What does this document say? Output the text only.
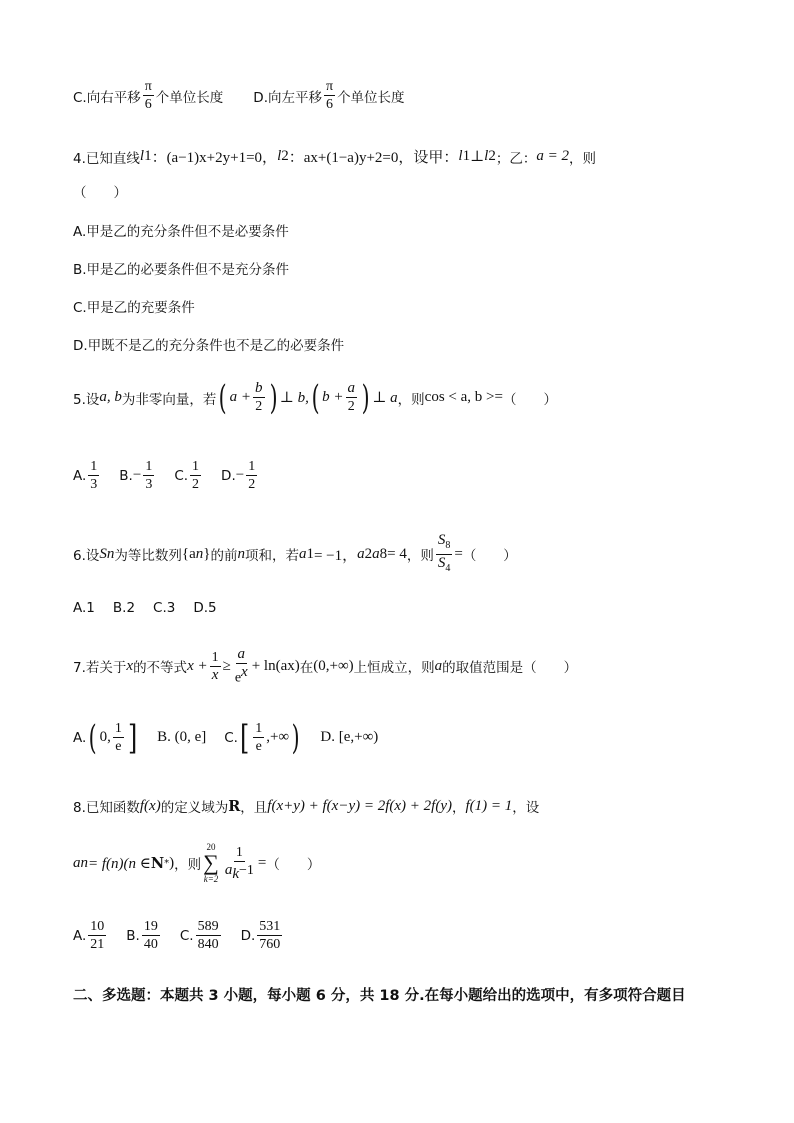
C.向右平移 $\frac{\pi}{6}$ 个单位长度 D.向左平移 $\frac{\pi}{6}$ 个单位长度
4.已知直线 l 1 ：(a−1)x+2y+1=0， l 2 ：ax+(1−a)y+2=0，设甲： l 1 ⊥ l 2 ；乙： a = 2 ，则
（　　）
A.甲是乙的充分条件但不是必要条件
B.甲是乙的必要条件但不是充分条件
C.甲是乙的充要条件
D.甲既不是乙的充分条件也不是乙的必要条件
5.设 a, b 为非零向量，若 ( $a + \frac{b}{2}$ ) ⊥ b, ( $b + \frac{a}{2}$ ) ⊥ a ，则 cos < a, b >= （　　）
A. $\frac{1}{3} B$. − $\frac{1}{3} C$. $\frac{1}{2} D$. − $\frac{1}{2}$
6.设 S n 为等比数列 {a n } 的前 n 项和，若 a 1 = −1， a 2 a 8 = 4 ，则 $\frac{S_8}{S_4}$ = （　　）
A.1 B.2 C.3 D.5
7.若关于 x 的不等式 $x + \frac{1}{x} \ge \frac{a}{e^x} + \ln(ax)$ 在 (0,+∞) 上恒成立，则 a 的取值范围是 （　　）
A. ( 0, $\frac{1}{e}$ ] B. (0, e] C. [ $\frac{1}{e}$ ,+∞ ) D. [e,+∞)
8.已知函数 f(x) 的定义域为 R ，且 f(x+y) + f(x−y) = 2f(x) + 2f(y) ， f(1) = 1 ，设
a n = f(n)(n ∈ N * ) ，则
20
∑
$k=2 \frac{1}{a_k-1}$ = （　　）
A. $\frac{10}{21} B$. $\frac{19}{40} C$. $\frac{589}{840} D$. $\frac{531}{760}$
二、多选题：本题共 3 小题，每小题 6 分，共 18 分.在每小题给出的选项中，有多项符合题目
